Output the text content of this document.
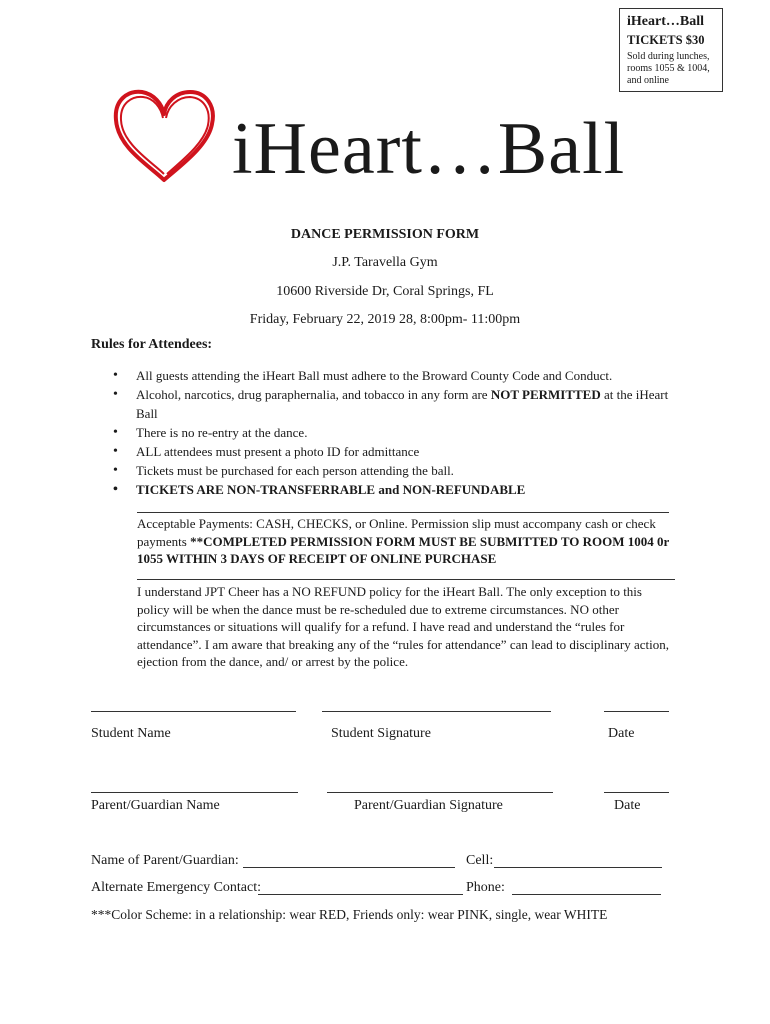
iHeart…Ball
TICKETS $30
Sold during lunches, rooms 1055 & 1004, and online
iHeart…Ball
DANCE PERMISSION FORM
J.P. Taravella Gym
10600 Riverside Dr, Coral Springs, FL
Friday, February 22, 2019 28, 8:00pm- 11:00pm
Rules for Attendees:
• All guests attending the iHeart Ball must adhere to the Broward County Code and Conduct.
• Alcohol, narcotics, drug paraphernalia, and tobacco in any form are NOT PERMITTED at the iHeart Ball
• There is no re-entry at the dance.
• ALL attendees must present a photo ID for admittance
• Tickets must be purchased for each person attending the ball.
• TICKETS ARE NON-TRANSFERRABLE and NON-REFUNDABLE
Acceptable Payments: CASH, CHECKS, or Online. Permission slip must accompany cash or check payments **COMPLETED PERMISSION FORM MUST BE SUBMITTED TO ROOM 1004 0r 1055 WITHIN 3 DAYS OF RECEIPT OF ONLINE PURCHASE
I understand JPT Cheer has a NO REFUND policy for the iHeart Ball. The only exception to this policy will be when the dance must be re-scheduled due to extreme circumstances. NO other circumstances or situations will qualify for a refund. I have read and understand the “rules for attendance”. I am aware that breaking any of the “rules for attendance” can lead to disciplinary action, ejection from the dance, and/ or arrest by the police.
Student Name	Student Signature	Date
Parent/Guardian Name	Parent/Guardian Signature	Date
Name of Parent/Guardian:	Cell:
Alternate Emergency Contact:	Phone:
***Color Scheme: in a relationship: wear RED, Friends only: wear PINK, single, wear WHITE
